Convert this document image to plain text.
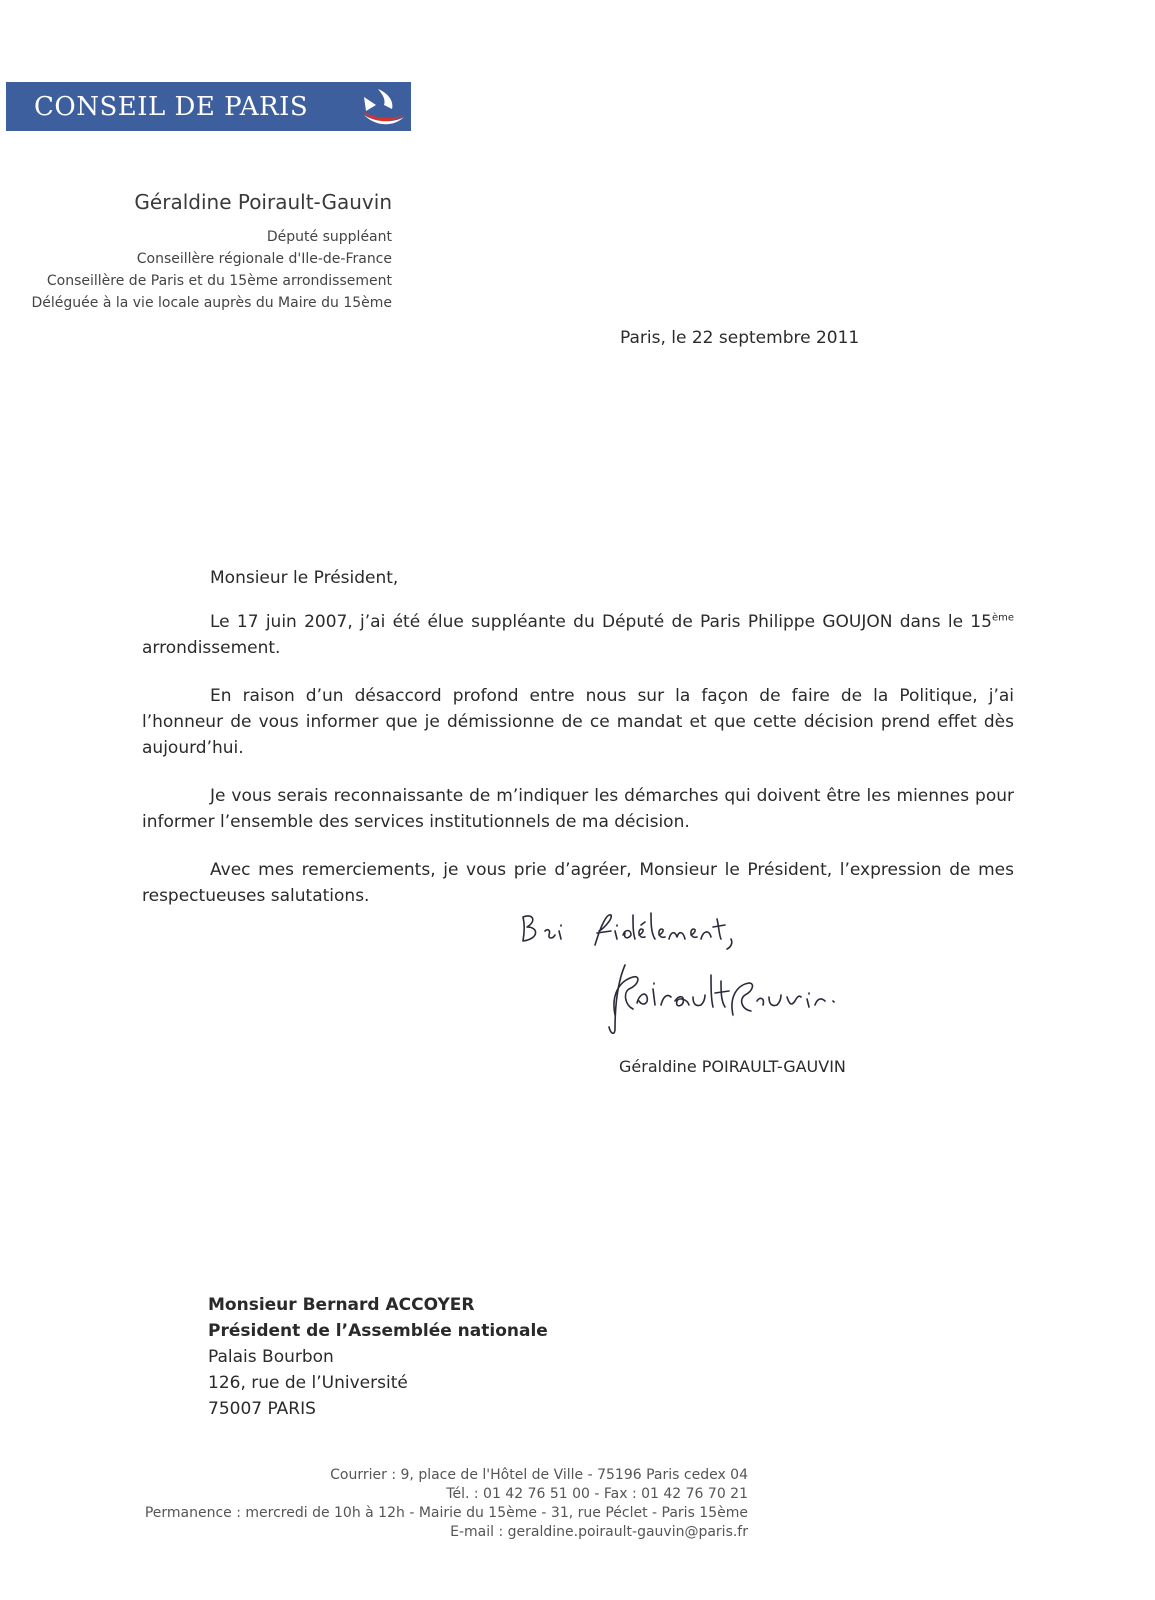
CONSEIL DE PARIS
Géraldine Poirault-Gauvin
Député suppléant
Conseillère régionale d'Ile-de-France
Conseillère de Paris et du 15ème arrondissement
Déléguée à la vie locale auprès du Maire du 15ème
Paris, le 22 septembre 2011
Monsieur le Président,

Le 17 juin 2007, j’ai été élue suppléante du Député de Paris Philippe GOUJON dans le 15ème arrondissement.

En raison d’un désaccord profond entre nous sur la façon de faire de la Politique, j’ai l’honneur de vous informer que je démissionne de ce mandat et que cette décision prend effet dès aujourd’hui.

Je vous serais reconnaissante de m’indiquer les démarches qui doivent être les miennes pour informer l’ensemble des services institutionnels de ma décision.

Avec mes remerciements, je vous prie d’agréer, Monsieur le Président, l’expression de mes respectueuses salutations.

Géraldine POIRAULT-GAUVIN
Monsieur Bernard ACCOYER
Président de l’Assemblée nationale
Palais Bourbon
126, rue de l’Université
75007 PARIS
Courrier : 9, place de l'Hôtel de Ville - 75196 Paris cedex 04
Tél. : 01 42 76 51 00 - Fax : 01 42 76 70 21
Permanence : mercredi de 10h à 12h - Mairie du 15ème - 31, rue Péclet - Paris 15ème
E-mail : geraldine.poirault-gauvin@paris.fr
